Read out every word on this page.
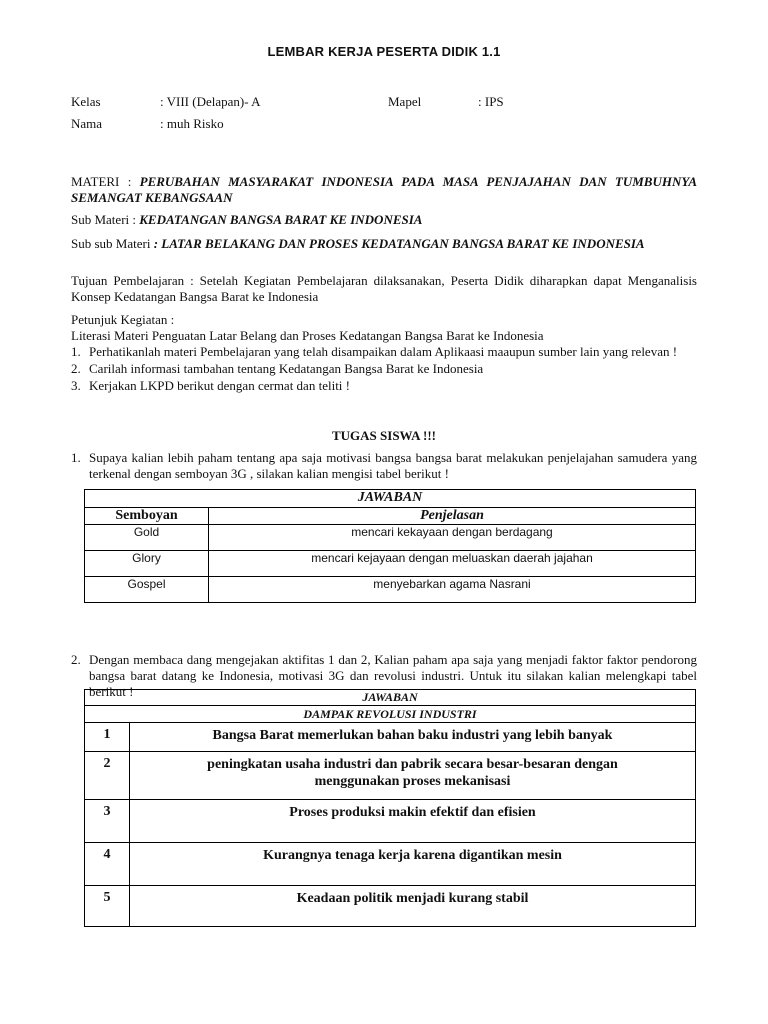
LEMBAR KERJA PESERTA DIDIK 1.1
Kelas	: VIII (Delapan)- A	Mapel	: IPS
Nama	: muh Risko
MATERI : PERUBAHAN MASYARAKAT INDONESIA PADA MASA PENJAJAHAN DAN TUMBUHNYA SEMANGAT KEBANGSAAN
Sub Materi : KEDATANGAN BANGSA BARAT KE INDONESIA
Sub sub Materi : LATAR BELAKANG DAN PROSES KEDATANGAN BANGSA BARAT KE INDONESIA
Tujuan Pembelajaran : Setelah Kegiatan Pembelajaran dilaksanakan, Peserta Didik diharapkan dapat Menganalisis Konsep Kedatangan Bangsa Barat ke Indonesia
Petunjuk Kegiatan :
Literasi Materi Penguatan Latar Belang dan Proses Kedatangan Bangsa Barat ke Indonesia
1. Perhatikanlah materi Pembelajaran yang telah disampaikan dalam Aplikaasi maaupun sumber lain yang relevan !
2. Carilah informasi tambahan tentang Kedatangan Bangsa Barat ke Indonesia
3. Kerjakan LKPD berikut dengan cermat dan teliti !
TUGAS SISWA !!!
1. Supaya kalian lebih paham tentang apa saja motivasi bangsa bangsa barat melakukan penjelajahan samudera yang terkenal dengan semboyan 3G , silakan kalian mengisi tabel berikut !
JAWABAN	
Semboyan	Penjelasan
Gold	mencari kekayaan dengan berdagang
Glory	mencari kejayaan dengan meluaskan daerah jajahan
Gospel	menyebarkan agama Nasrani
2. Dengan membaca dang mengejakan aktifitas 1 dan 2, Kalian paham apa saja yang menjadi faktor faktor pendorong bangsa barat datang ke Indonesia, motivasi 3G dan revolusi industri. Untuk itu silakan kalian melengkapi tabel berikut !	JAWABAN	
DAMPAK REVOLUSI INDUSTRI	
1	Bangsa Barat memerlukan bahan baku industri yang lebih banyak
2	peningkatan usaha industri dan pabrik secara besar-besaran dengan menggunakan proses mekanisasi
3	Proses produksi makin efektif dan efisien
4	Kurangnya tenaga kerja karena digantikan mesin
5	Keadaan politik menjadi kurang stabil
